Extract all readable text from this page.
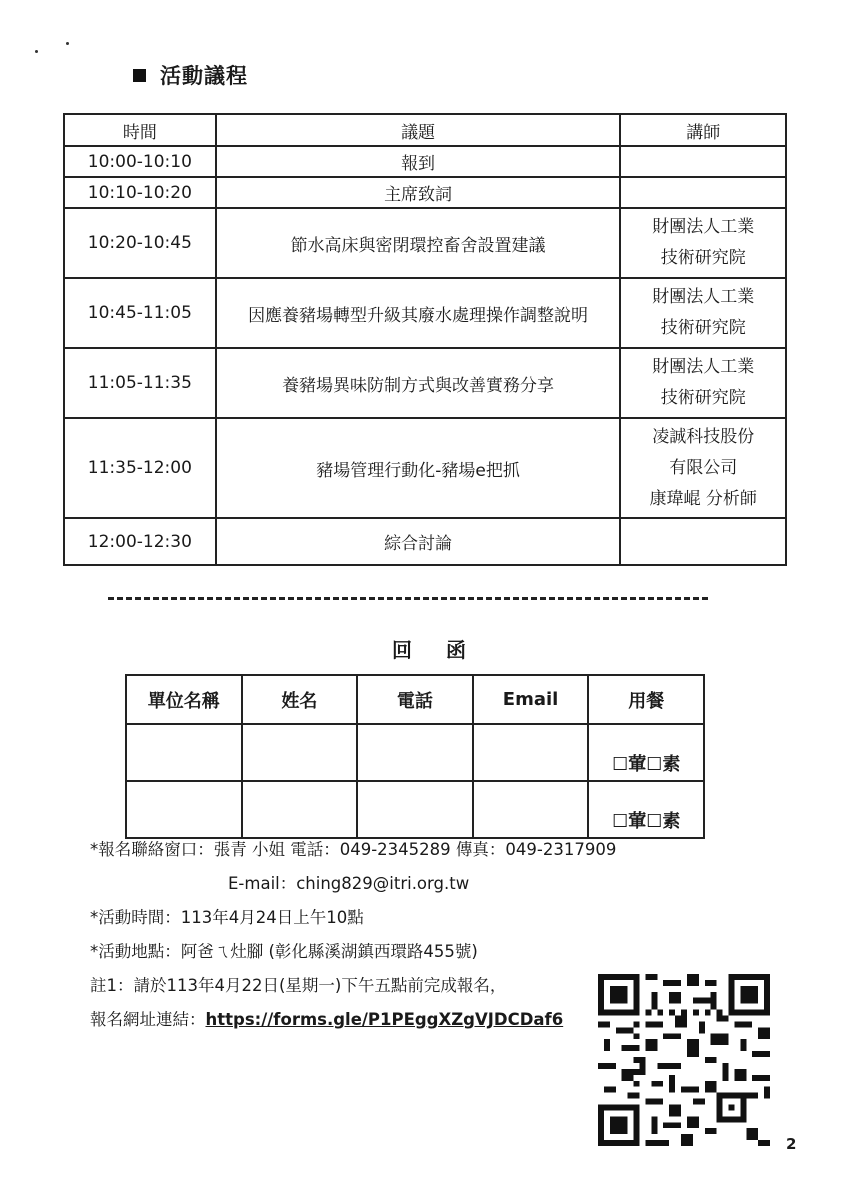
活動議程
時間	議題	講師
10:00-10:10	報到	
10:10-10:20	主席致詞	
10:20-10:45	節水高床與密閉環控畜舍設置建議	財團法人工業
技術研究院

10:45-11:05	因應養豬場轉型升級其廢水處理操作調整說明	財團法人工業
技術研究院

11:05-11:35	養豬場異味防制方式與改善實務分享	財團法人工業
技術研究院

11:35-12:00	豬場管理行動化-豬場e把抓	凌誠科技股份
有限公司
康瑋崐 分析師

12:00-12:30	綜合討論	
回函
單位名稱	姓名	電話	Email	用餐
				☐葷☐素
				☐葷☐素
*報名聯絡窗口：張青 小姐 電話：049-2345289 傳真：049-2317909
E-mail：ching829@itri.org.tw
*活動時間：113年4月24日上午10點
*活動地點：阿爸ㄟ灶腳 (彰化縣溪湖鎮西環路455號)
註1：請於113年4月22日(星期一)下午五點前完成報名，
報名網址連結：https://forms.gle/P1PEggXZgVJDCDaf6
2
